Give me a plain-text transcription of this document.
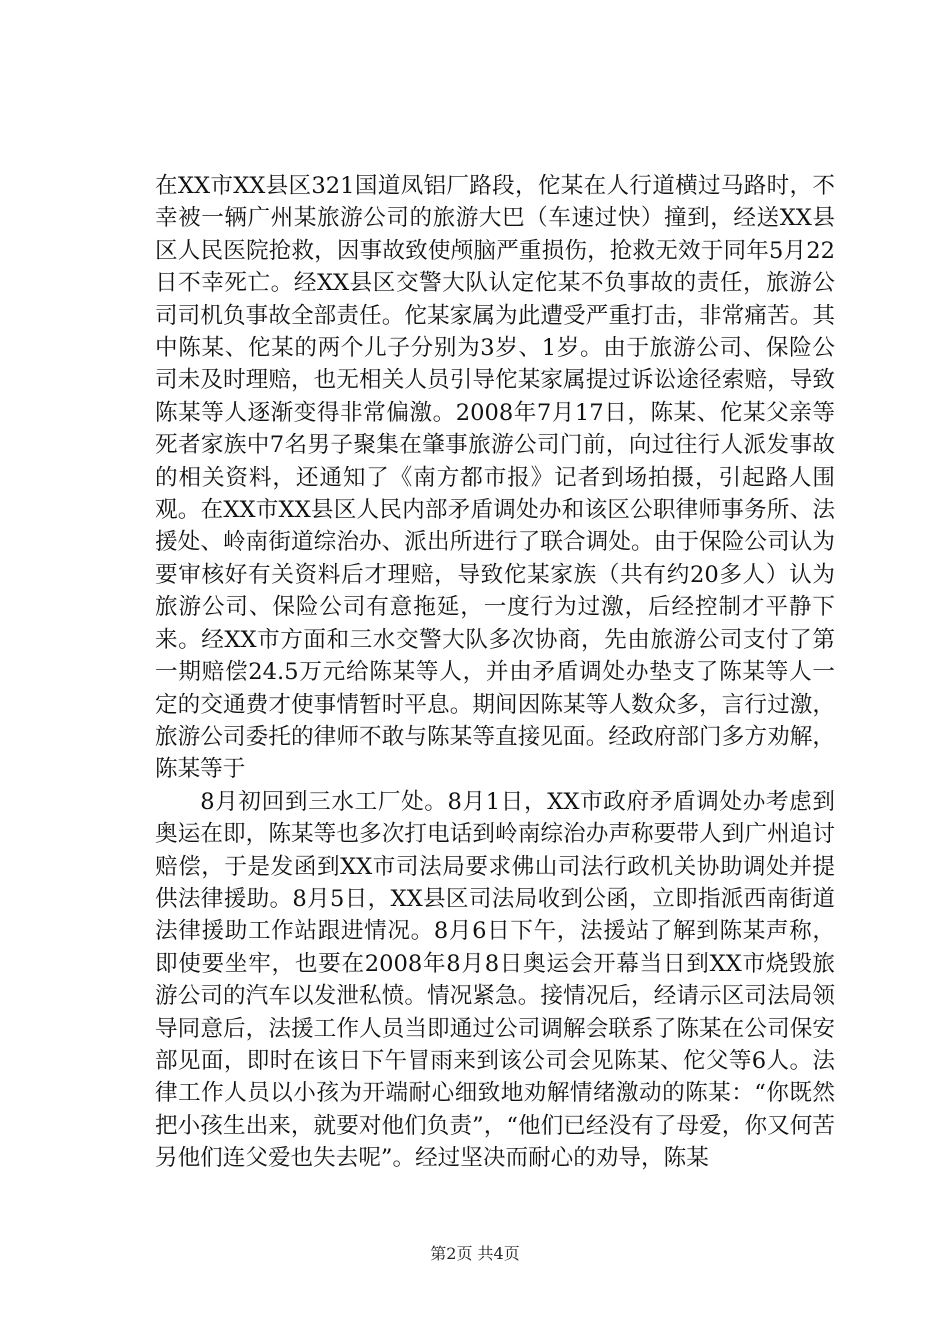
在XX市XX县区321国道凤铝厂路段，佗某在人行道横过马路时，不幸被一辆广州某旅游公司的旅游大巴（车速过快）撞到，经送XX县区人民医院抢救，因事故致使颅脑严重损伤，抢救无效于同年5月22日不幸死亡。经XX县区交警大队认定佗某不负事故的责任，旅游公司司机负事故全部责任。佗某家属为此遭受严重打击，非常痛苦。其中陈某、佗某的两个儿子分别为3岁、1岁。由于旅游公司、保险公司未及时理赔，也无相关人员引导佗某家属提过诉讼途径索赔，导致陈某等人逐渐变得非常偏激。2008年7月17日，陈某、佗某父亲等死者家族中7名男子聚集在肇事旅游公司门前，向过往行人派发事故的相关资料，还通知了《南方都市报》记者到场拍摄，引起路人围观。在XX市XX县区人民内部矛盾调处办和该区公职律师事务所、法援处、岭南街道综治办、派出所进行了联合调处。由于保险公司认为要审核好有关资料后才理赔，导致佗某家族（共有约20多人）认为旅游公司、保险公司有意拖延，一度行为过激，后经控制才平静下来。经XX市方面和三水交警大队多次协商，先由旅游公司支付了第一期赔偿24.5万元给陈某等人，并由矛盾调处办垫支了陈某等人一定的交通费才使事情暂时平息。期间因陈某等人数众多，言行过激，旅游公司委托的律师不敢与陈某等直接见面。经政府部门多方劝解，陈某等于

8月初回到三水工厂处。8月1日，XX市政府矛盾调处办考虑到奥运在即，陈某等也多次打电话到岭南综治办声称要带人到广州追讨赔偿，于是发函到XX市司法局要求佛山司法行政机关协助调处并提供法律援助。8月5日，XX县区司法局收到公函，立即指派西南街道法律援助工作站跟进情况。8月6日下午，法援站了解到陈某声称，即使要坐牢，也要在2008年8月8日奥运会开幕当日到XX市烧毁旅游公司的汽车以发泄私愤。情况紧急。接情况后，经请示区司法局领导同意后，法援工作人员当即通过公司调解会联系了陈某在公司保安部见面，即时在该日下午冒雨来到该公司会见陈某、佗父等6人。法律工作人员以小孩为开端耐心细致地劝解情绪激动的陈某：“你既然把小孩生出来，就要对他们负责”，“他们已经没有了母爱，你又何苦另他们连父爱也失去呢”。经过坚决而耐心的劝导，陈某

第2页 共4页
